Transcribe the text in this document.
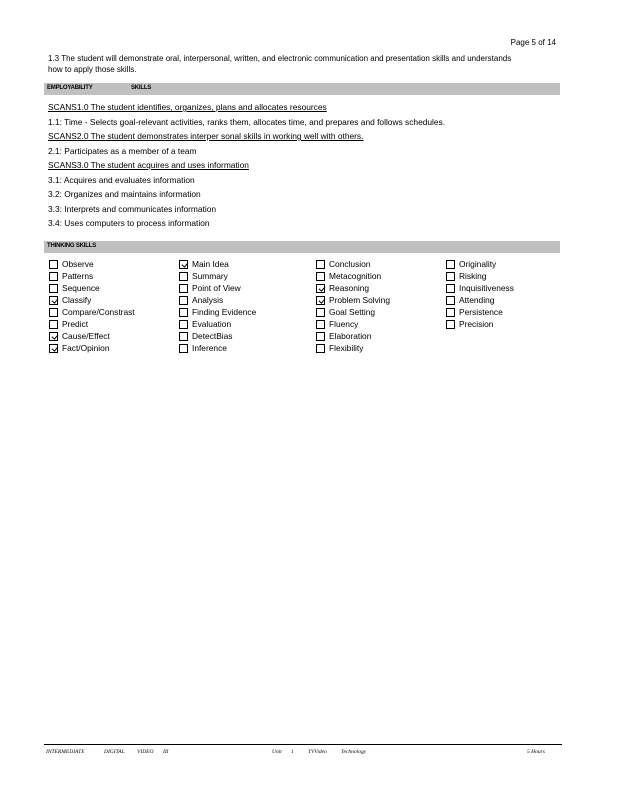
Page 5 of 14
1.3 The student will demonstrate oral, interpersonal, written, and electronic communication and presentation skills and understands how to apply those skills.
EMPLOYABILITY	SKILLS
SCANS1.0 The student identifies, organizes, plans and allocates resources
1.1: Time - Selects goal-relevant activities, ranks them, allocates time, and prepares and follows schedules.
SCANS2.0 The student demonstrates interper sonal skills in working well with others.
2.1: Participates as a member of a team
SCANS3.0 The student acquires and uses information
3.1: Acquires and evaluates information
3.2: Organizes and maintains information
3.3: Interprets and communicates information
3.4: Uses computers to process information
THINKING SKILLS
Observe
Patterns
Sequence
Classify
Compare/Constrast
Predict
Cause/Effect
Fact/Opinion
Main Idea
Summary
Point of View
Analysis
Finding Evidence
Evaluation
DetectBias
Inference
Conclusion
Metacognition
Reasoning
Problem Solving
Goal Setting
Fluency
Elaboration
Flexibility
Originality
Risking
Inquisitiveness
Attending
Persistence
Precision
INTERMEDIATE	DIGITAL VIDEO III	Unit 1	TVVideo	Technology	5 Hours
